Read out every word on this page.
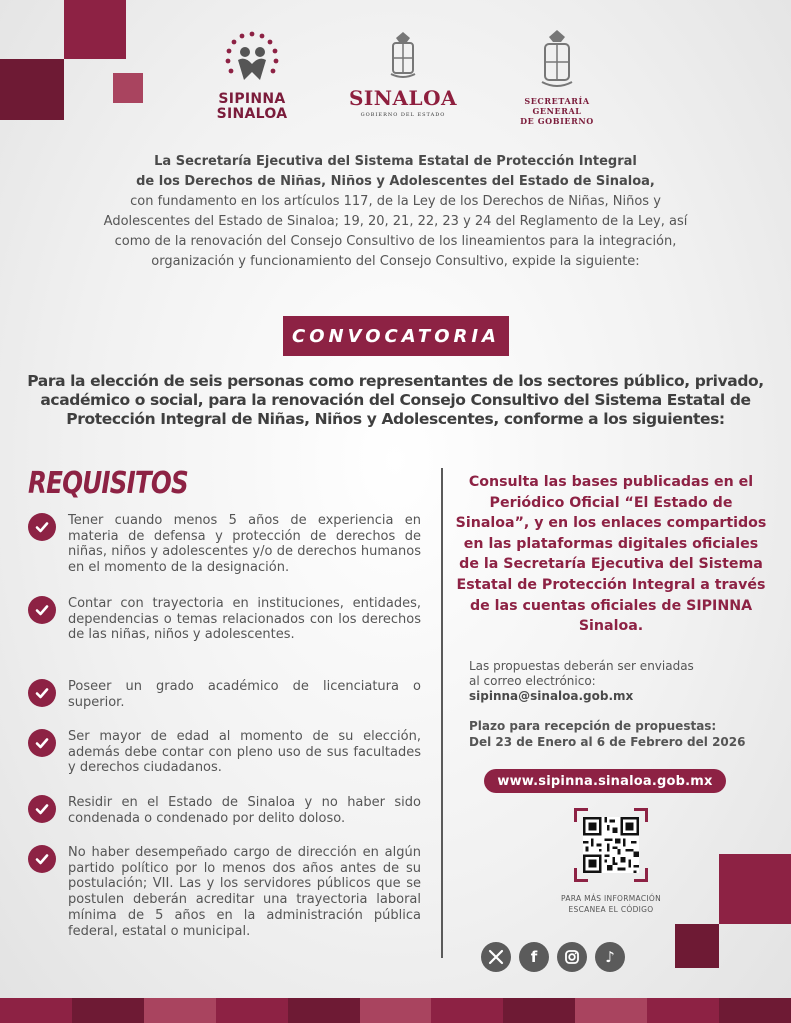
SIPINNA
SINALOA
SINALOA
GOBIERNO DEL ESTADO
SECRETARÍA GENERAL
DE GOBIERNO
La Secretaría Ejecutiva del Sistema Estatal de Protección Integral
de los Derechos de Niñas, Niños y Adolescentes del Estado de Sinaloa,
con fundamento en los artículos 117, de la Ley de los Derechos de Niñas, Niños y Adolescentes del Estado de Sinaloa; 19, 20, 21, 22, 23 y 24 del Reglamento de la Ley, así como de la renovación del Consejo Consultivo de los lineamientos para la integración, organización y funcionamiento del Consejo Consultivo, expide la siguiente:
CONVOCATORIA
Para la elección de seis personas como representantes de los sectores público, privado, académico o social, para la renovación del Consejo Consultivo del Sistema Estatal de Protección Integral de Niñas, Niños y Adolescentes, conforme a los siguientes:
REQUISITOS
Tener cuando menos 5 años de experiencia en materia de defensa y protección de derechos de niñas, niños y adolescentes y/o de derechos humanos en el momento de la designación.
Contar con trayectoria en instituciones, entidades, dependencias o temas relacionados con los derechos de las niñas, niños y adolescentes.
Poseer un grado académico de licenciatura o superior.
Ser mayor de edad al momento de su elección, además debe contar con pleno uso de sus facultades y derechos ciudadanos.
Residir en el Estado de Sinaloa y no haber sido condenada o condenado por delito doloso.
No haber desempeñado cargo de dirección en algún partido político por lo menos dos años antes de su postulación; VII. Las y los servidores públicos que se postulen deberán acreditar una trayectoria laboral mínima de 5 años en la administración pública federal, estatal o municipal.
Consulta las bases publicadas en el Periódico Oficial “El Estado de Sinaloa”, y en los enlaces compartidos en las plataformas digitales oficiales de la Secretaría Ejecutiva del Sistema Estatal de Protección Integral a través de las cuentas oficiales de SIPINNA Sinaloa.
Las propuestas deberán ser enviadas
al correo electrónico:
sipinna@sinaloa.gob.mx
Plazo para recepción de propuestas:
Del 23 de Enero al 6 de Febrero del 2026
www.sipinna.sinaloa.gob.mx
PARA MÁS INFORMACIÓN
ESCANEA EL CÓDIGO
f	♪
